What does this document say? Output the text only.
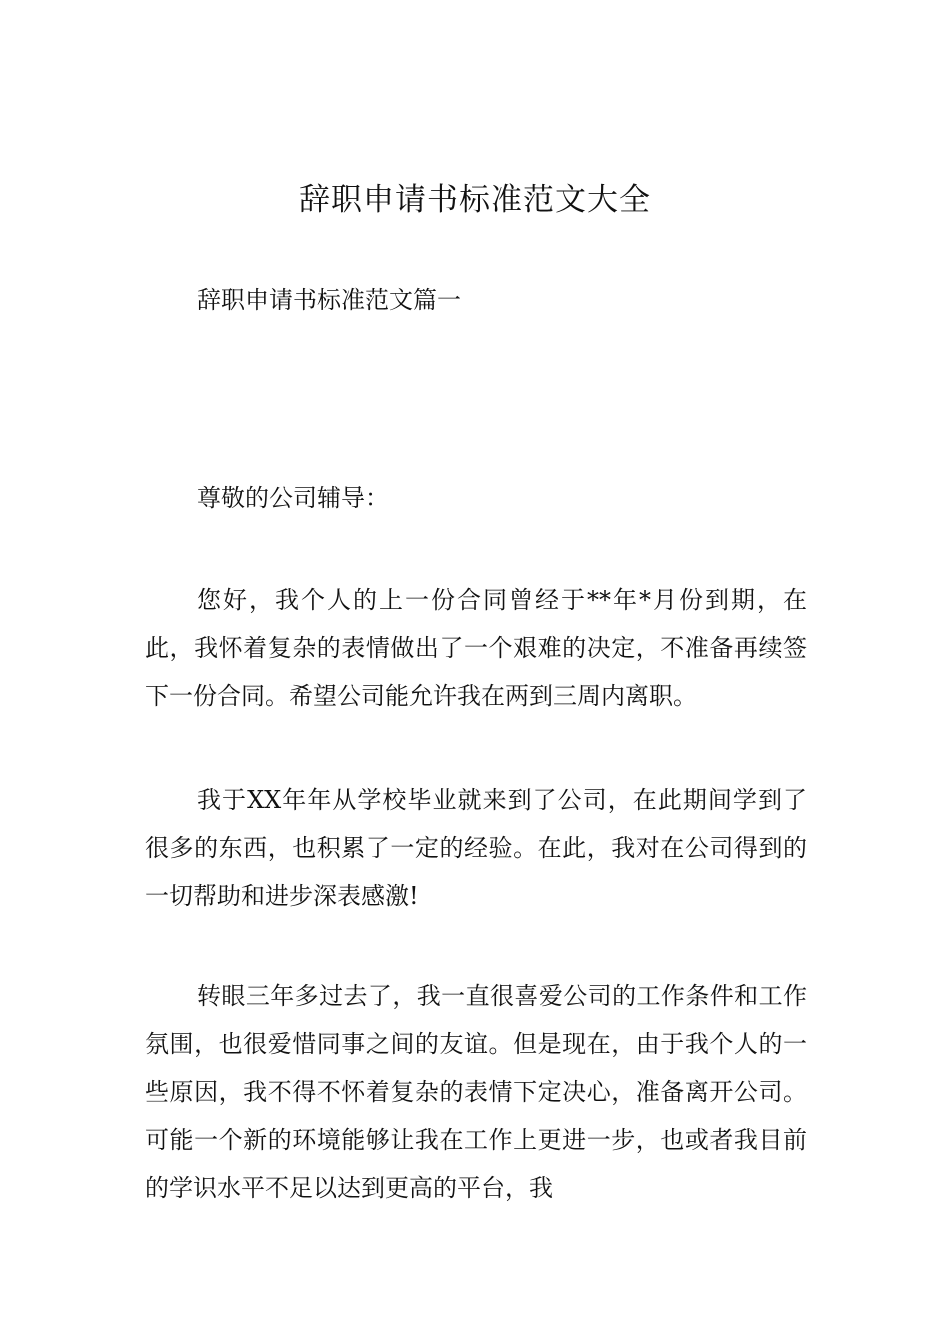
辞职申请书标准范文大全

辞职申请书标准范文篇一

尊敬的公司辅导：

您好，我个人的上一份合同曾经于**年*月份到期，在此，我怀着复杂的表情做出了一个艰难的决定，不准备再续签下一份合同。希望公司能允许我在两到三周内离职。

我于XX年年从学校毕业就来到了公司，在此期间学到了很多的东西，也积累了一定的经验。在此，我对在公司得到的一切帮助和进步深表感激!

转眼三年多过去了，我一直很喜爱公司的工作条件和工作氛围，也很爱惜同事之间的友谊。但是现在，由于我个人的一些原因，我不得不怀着复杂的表情下定决心，准备离开公司。可能一个新的环境能够让我在工作上更进一步，也或者我目前的学识水平不足以达到更高的平台，我
